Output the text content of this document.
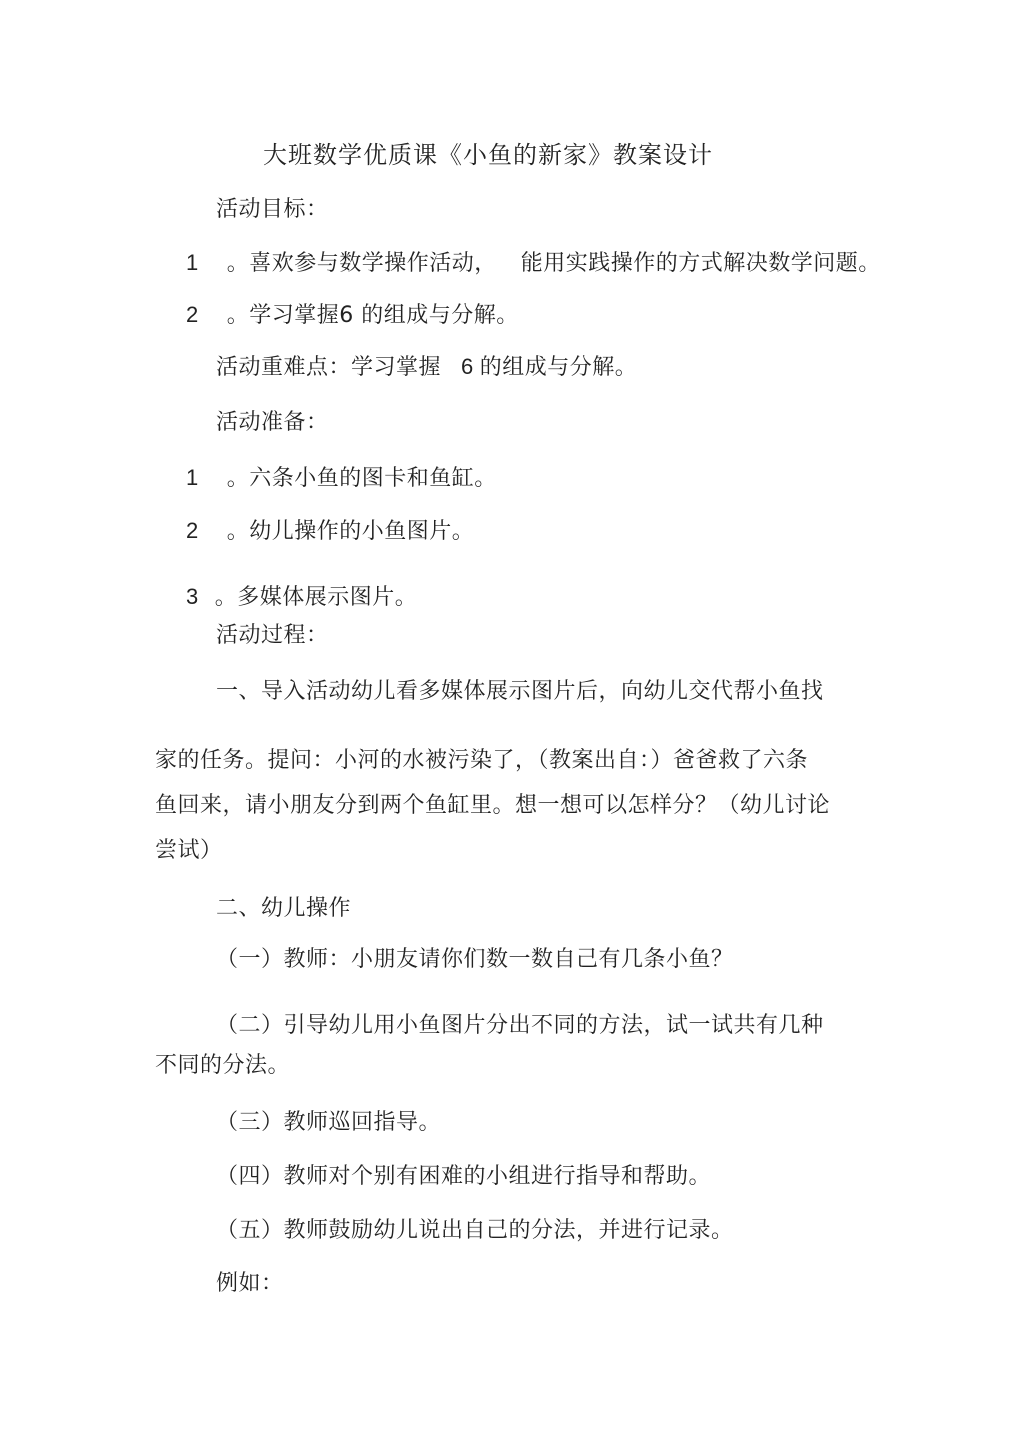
大班数学优质课《小鱼的新家》教案设计
活动目标：
1 。喜欢参与数学操作活动， 能用实践操作的方式解决数学问题。
2 。学习掌握6 的组成与分解。
活动重难点：学习掌握 6 的组成与分解。
活动准备：
1 。六条小鱼的图卡和鱼缸。
2 。幼儿操作的小鱼图片。
3 。多媒体展示图片。
活动过程：
一、导入活动幼儿看多媒体展示图片后，向幼儿交代帮小鱼找
家的任务。提问：小河的水被污染了，（教案出自：）爸爸救了六条
鱼回来，请小朋友分到两个鱼缸里。想一想可以怎样分？（幼儿讨论
尝试）
二、幼儿操作
（一）教师：小朋友请你们数一数自己有几条小鱼？
（二）引导幼儿用小鱼图片分出不同的方法，试一试共有几种
不同的分法。
（三）教师巡回指导。
（四）教师对个别有困难的小组进行指导和帮助。
（五）教师鼓励幼儿说出自己的分法，并进行记录。
例如：
